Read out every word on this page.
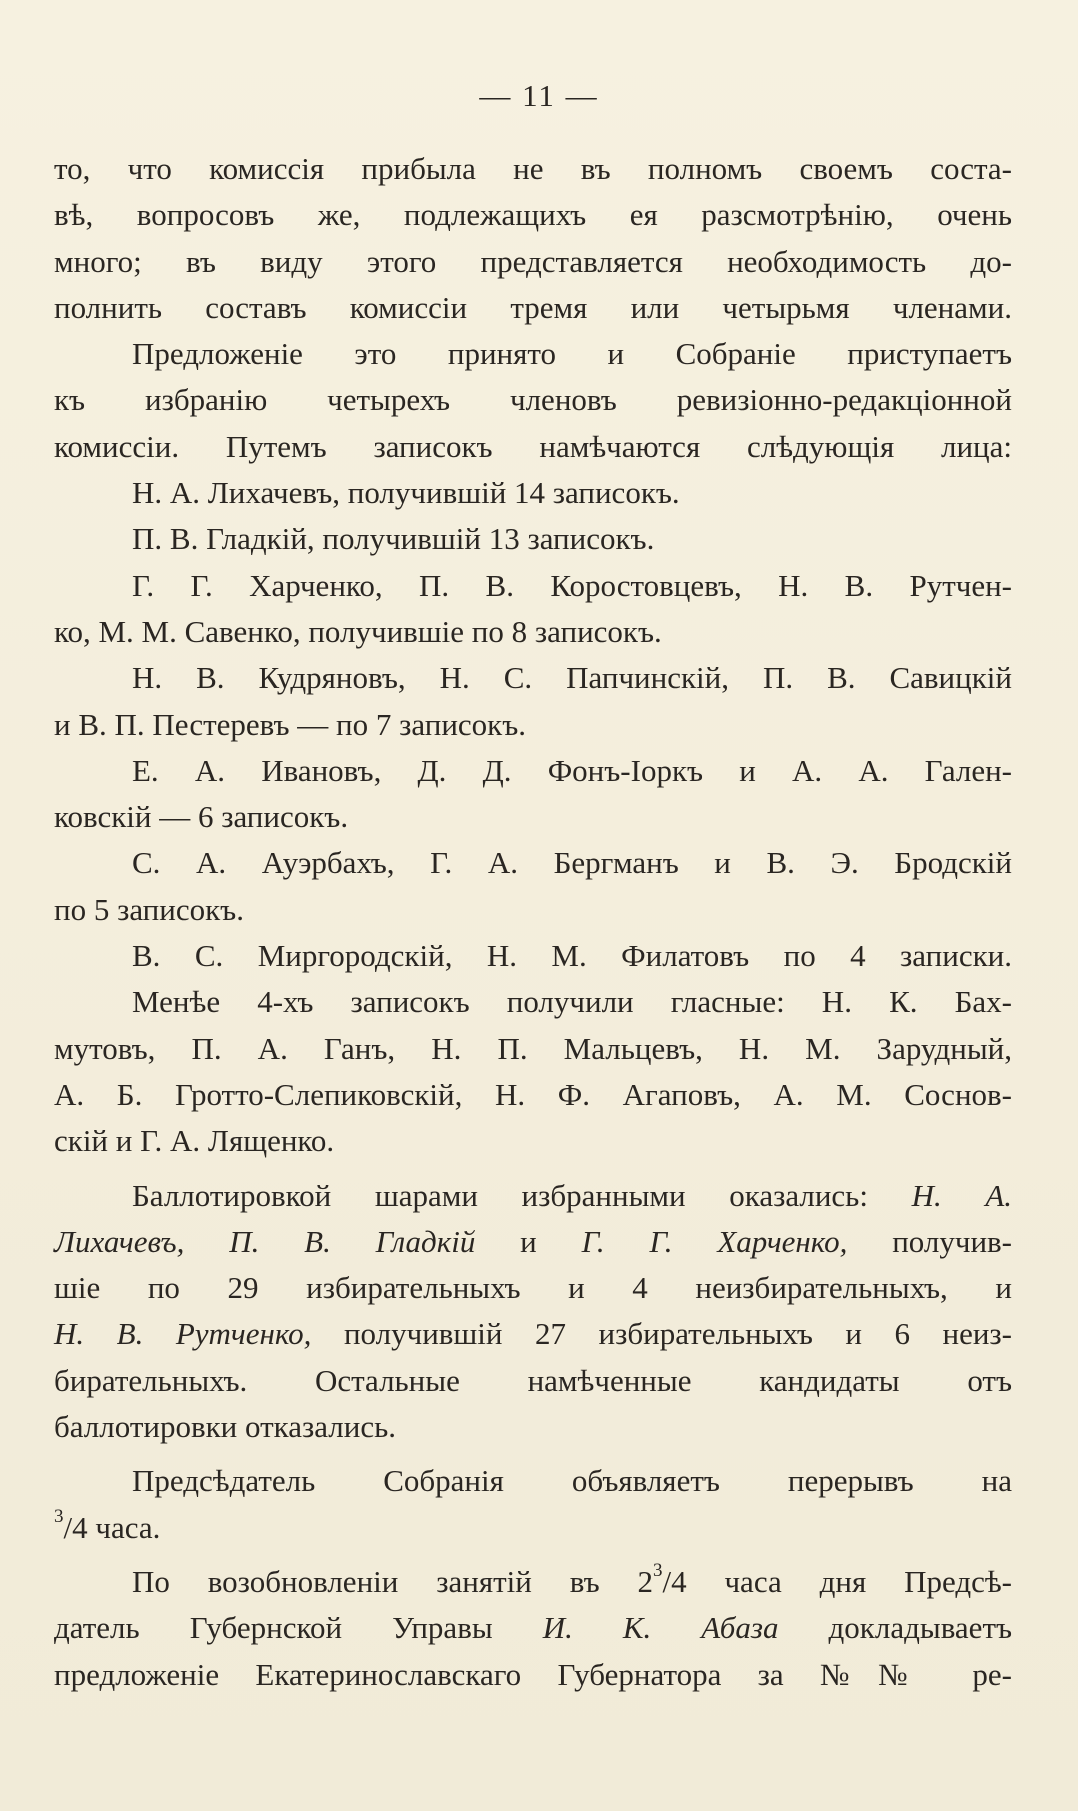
— 11 —
то, что комиссія прибыла не въ полномъ своемъ соста-
вѣ, вопросовъ же, подлежащихъ ея разсмотрѣнію, очень
много; въ виду этого представляется необходимость до-
полнить составъ комиссіи тремя или четырьмя членами.
Предложеніе это принято и Собраніе приступаетъ
къ избранію четырехъ членовъ ревизіонно-редакціонной
комиссіи. Путемъ записокъ намѣчаются слѣдующія лица:
Н. А. Лихачевъ, получившій 14 записокъ.
П. В. Гладкій, получившій 13 записокъ.
Г. Г. Харченко, П. В. Коростовцевъ, Н. В. Рутчен-
ко, М. М. Савенко, получившіе по 8 записокъ.
Н. В. Кудряновъ, Н. С. Папчинскій, П. В. Савицкій
и В. П. Пестеревъ — по 7 записокъ.
Е. А. Ивановъ, Д. Д. Фонъ-Іоркъ и А. А. Гален-
ковскій — 6 записокъ.
С. А. Ауэрбахъ, Г. А. Бергманъ и В. Э. Бродскій
по 5 записокъ.
В. С. Миргородскій, Н. М. Филатовъ по 4 записки.
Менѣе 4-хъ записокъ получили гласные: Н. К. Бах-
мутовъ, П. А. Ганъ, Н. П. Мальцевъ, Н. М. Зарудный,
А. Б. Гротто-Слепиковскій, Н. Ф. Агаповъ, А. М. Соснов-
скій и Г. А. Лященко.
Баллотировкой шарами избранными оказались: Н. А.
Лихачевъ, П. В. Гладкій и Г. Г. Харченко, получив-
шіе по 29 избирательныхъ и 4 неизбирательныхъ, и
Н. В. Рутченко, получившій 27 избирательныхъ и 6 неиз-
бирательныхъ. Остальные намѣченные кандидаты отъ
баллотировки отказались.
Предсѣдатель Собранія объявляетъ перерывъ на
$^3$/4 часа.
По возобновленіи занятій въ $2^3/4$ часа дня Предсѣ-
датель Губернской Управы И. К. Абаза докладываетъ
предложеніе Екатеринославскаго Губернатора за №№ ре-
